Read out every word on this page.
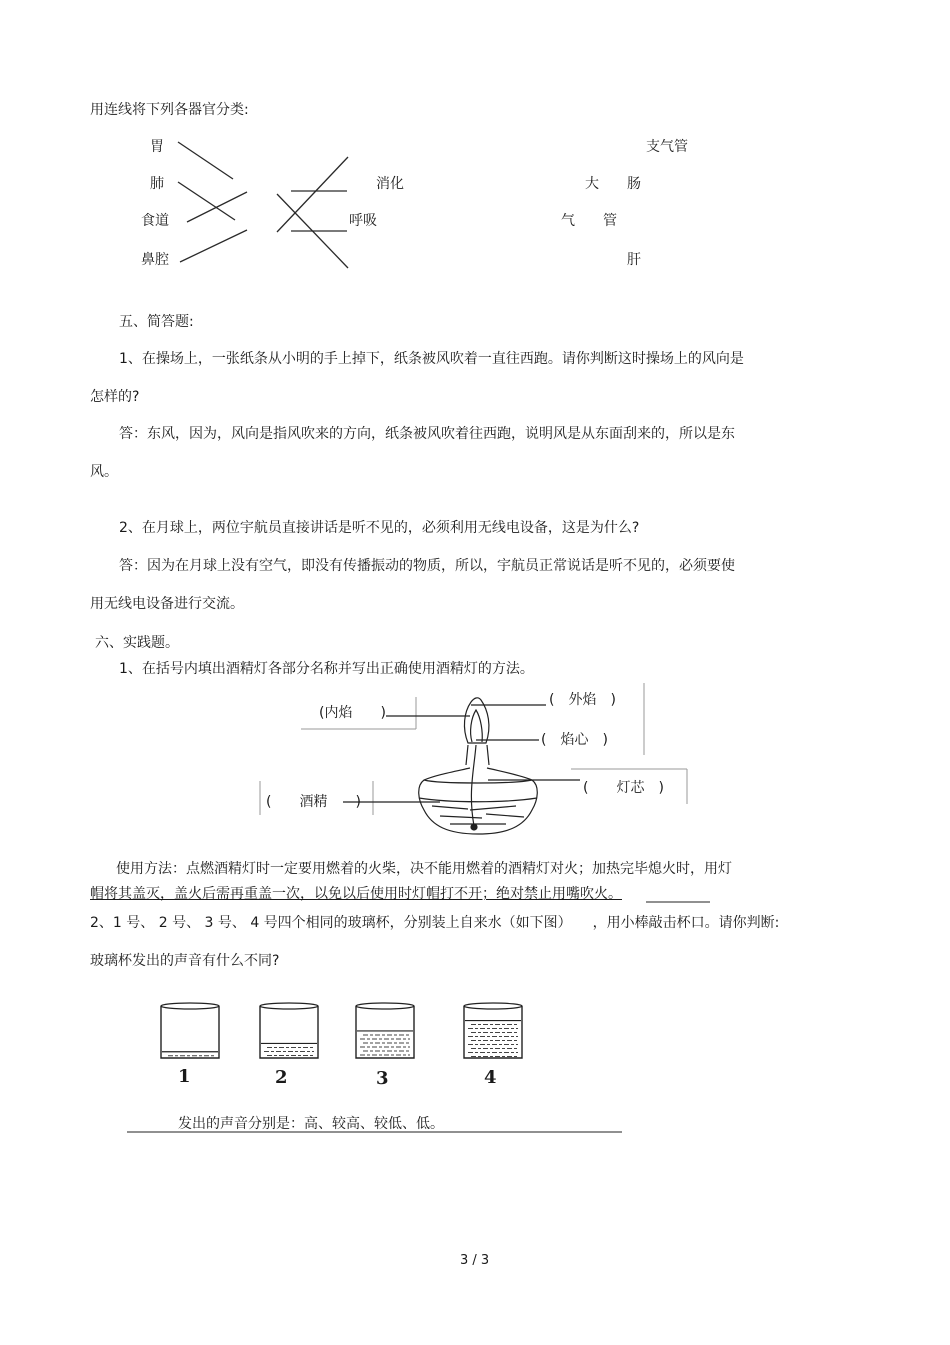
用连线将下列各器官分类:
胃
肺
食道
鼻腔
消化
呼吸
支气管
大　　肠
气　　管
肝
五、简答题:
1、在操场上，一张纸条从小明的手上掉下，纸条被风吹着一直往西跑。请你判断这时操场上的风向是
怎样的?
答：东风，因为，风向是指风吹来的方向，纸条被风吹着往西跑，说明风是从东面刮来的，所以是东
风。
2、在月球上，两位宇航员直接讲话是听不见的，必须利用无线电设备，这是为什么?
答：因为在月球上没有空气，即没有传播振动的物质，所以，宇航员正常说话是听不见的，必须要使
用无线电设备进行交流。
六、实践题。
1、在括号内填出酒精灯各部分名称并写出正确使用酒精灯的方法。
(内焰　　)
(　外焰　)
(　焰心　)
(　　酒精　　)
(　　灯芯　)
使用方法：点燃酒精灯时一定要用燃着的火柴，决不能用燃着的酒精灯对火；加热完毕熄火时，用灯
帽将其盖灭，盖火后需再重盖一次，以免以后使用时灯帽打不开；绝对禁止用嘴吹火。
2、1 号、 2 号、 3 号、 4 号四个相同的玻璃杯，分别装上自来水（如下图）　　，用小棒敲击杯口。请你判断:
玻璃杯发出的声音有什么不同?
1	2	3	4
发出的声音分别是：高、较高、较低、低。
3 / 3
